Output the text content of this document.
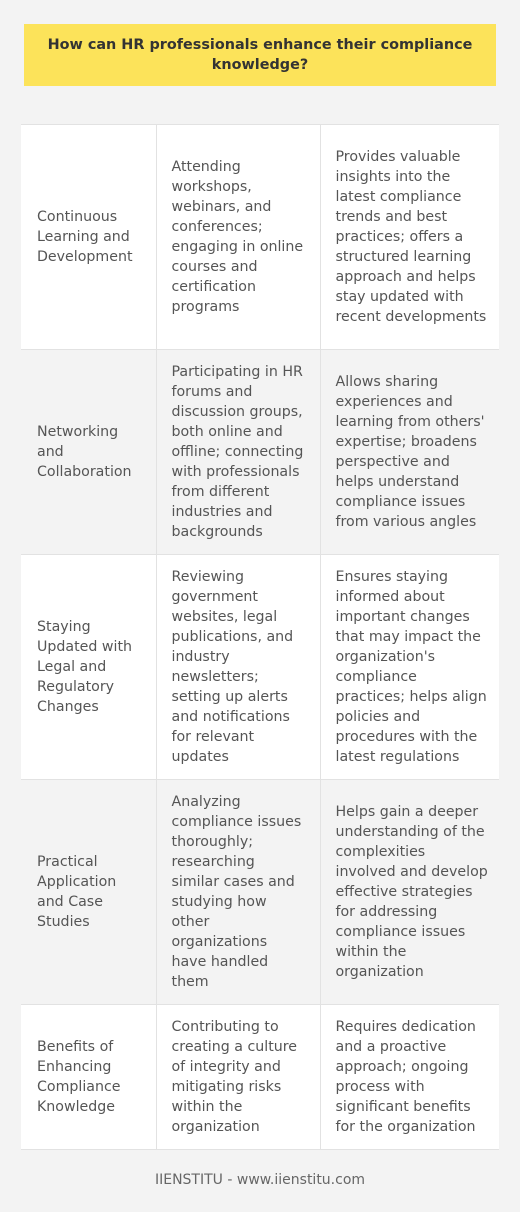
How can HR professionals enhance their compliance knowledge?
Continuous Learning and Development	Attending workshops, webinars, and conferences; engaging in online courses and certification programs	Provides valuable insights into the latest compliance trends and best practices; offers a structured learning approach and helps stay updated with recent developments
Networking and Collaboration	Participating in HR forums and discussion groups, both online and offline; connecting with professionals from different industries and backgrounds	Allows sharing experiences and learning from others' expertise; broadens perspective and helps understand compliance issues from various angles
Staying Updated with Legal and Regulatory Changes	Reviewing government websites, legal publications, and industry newsletters; setting up alerts and notifications for relevant updates	Ensures staying informed about important changes that may impact the organization's compliance practices; helps align policies and procedures with the latest regulations
Practical Application and Case Studies	Analyzing compliance issues thoroughly; researching similar cases and studying how other organizations have handled them	Helps gain a deeper understanding of the complexities involved and develop effective strategies for addressing compliance issues within the organization
Benefits of Enhancing Compliance Knowledge	Contributing to creating a culture of integrity and mitigating risks within the organization	Requires dedication and a proactive approach; ongoing process with significant benefits for the organization
IIENSTITU - www.iienstitu.com
